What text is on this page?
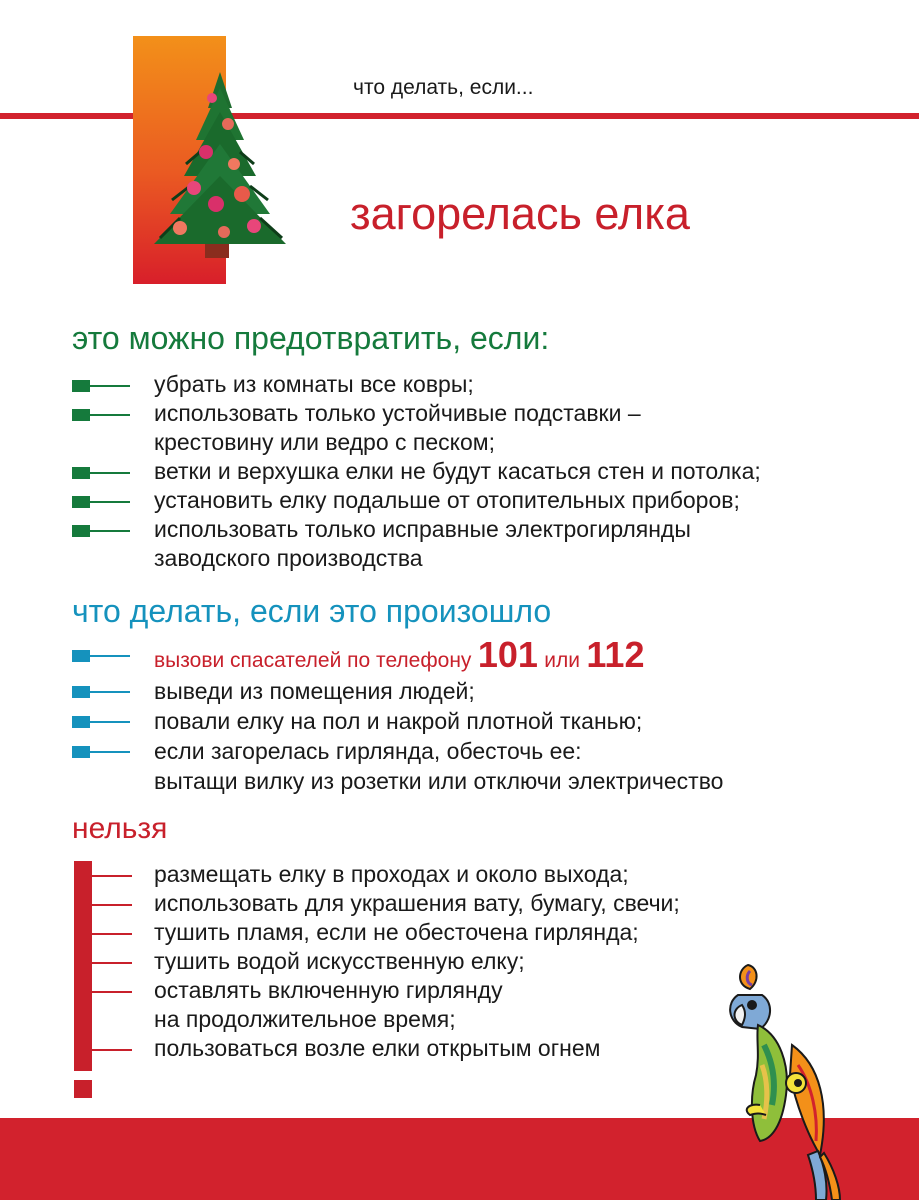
что делать, если...

загорелась елка
это можно предотвратить, если:
убрать из комнаты все ковры;
использовать только устойчивые подставки –
крестовину или ведро с песком;
ветки и верхушка елки не будут касаться стен и потолка;
установить елку подальше от отопительных приборов;
использовать только исправные электрогирлянды
заводского производства
что делать, если это произошло
вызови спасателей по телефону 101 или 112
выведи из помещения людей;
повали елку на пол и накрой плотной тканью;
если загорелась гирлянда, обесточь ее:
вытащи вилку из розетки или отключи электричество
нельзя
размещать елку в проходах и около выхода;
использовать для украшения вату, бумагу, свечи;
тушить пламя, если не обесточена гирлянда;
тушить водой искусственную елку;
оставлять включенную гирлянду
на продолжительное время;
пользоваться возле елки открытым огнем
